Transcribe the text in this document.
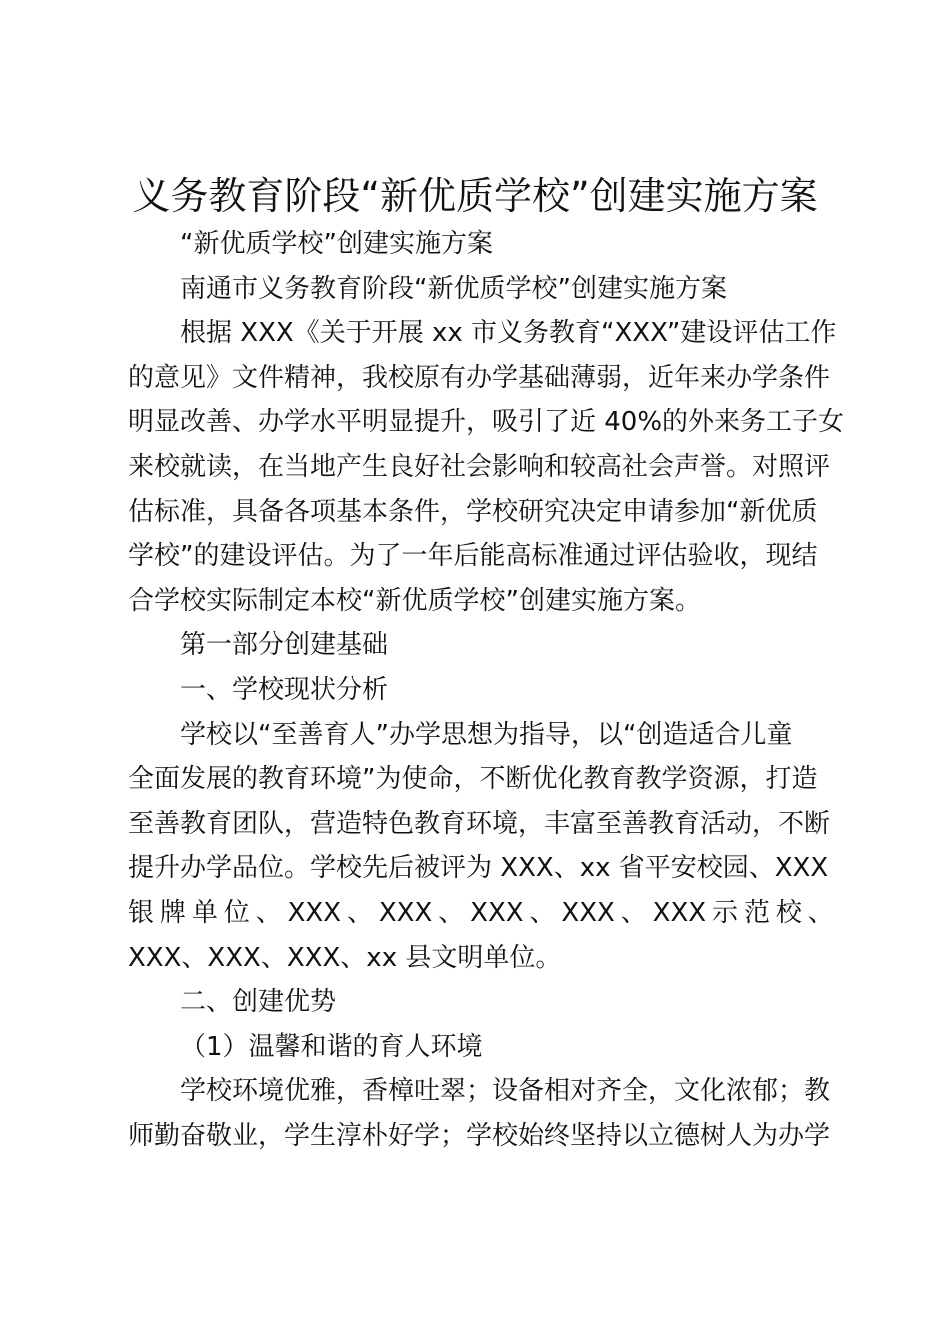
义务教育阶段“新优质学校”创建实施方案
“新优质学校”创建实施方案
南通市义务教育阶段“新优质学校”创建实施方案
根据 XXX《关于开展 xx 市义务教育“XXX”建设评估工作
的意见》文件精神，我校原有办学基础薄弱，近年来办学条件
明显改善、办学水平明显提升，吸引了近 40%的外来务工子女
来校就读，在当地产生良好社会影响和较高社会声誉。对照评
估标准，具备各项基本条件，学校研究决定申请参加“新优质
学校”的建设评估。为了一年后能高标准通过评估验收，现结
合学校实际制定本校“新优质学校”创建实施方案。
第一部分创建基础
一、学校现状分析
学校以“至善育人”办学思想为指导，以“创造适合儿童
全面发展的教育环境”为使命，不断优化教育教学资源，打造
至善教育团队，营造特色教育环境，丰富至善教育活动，不断
提升办学品位。学校先后被评为 XXX、xx 省平安校园、XXX
银 牌 单 位 、 XXX 、 XXX 、 XXX 、 XXX 、 XXX 示 范 校 、
XXX、XXX、XXX、xx 县文明单位。
二、创建优势
（1）温馨和谐的育人环境
学校环境优雅，香樟吐翠；设备相对齐全，文化浓郁；教
师勤奋敬业，学生淳朴好学；学校始终坚持以立德树人为办学
